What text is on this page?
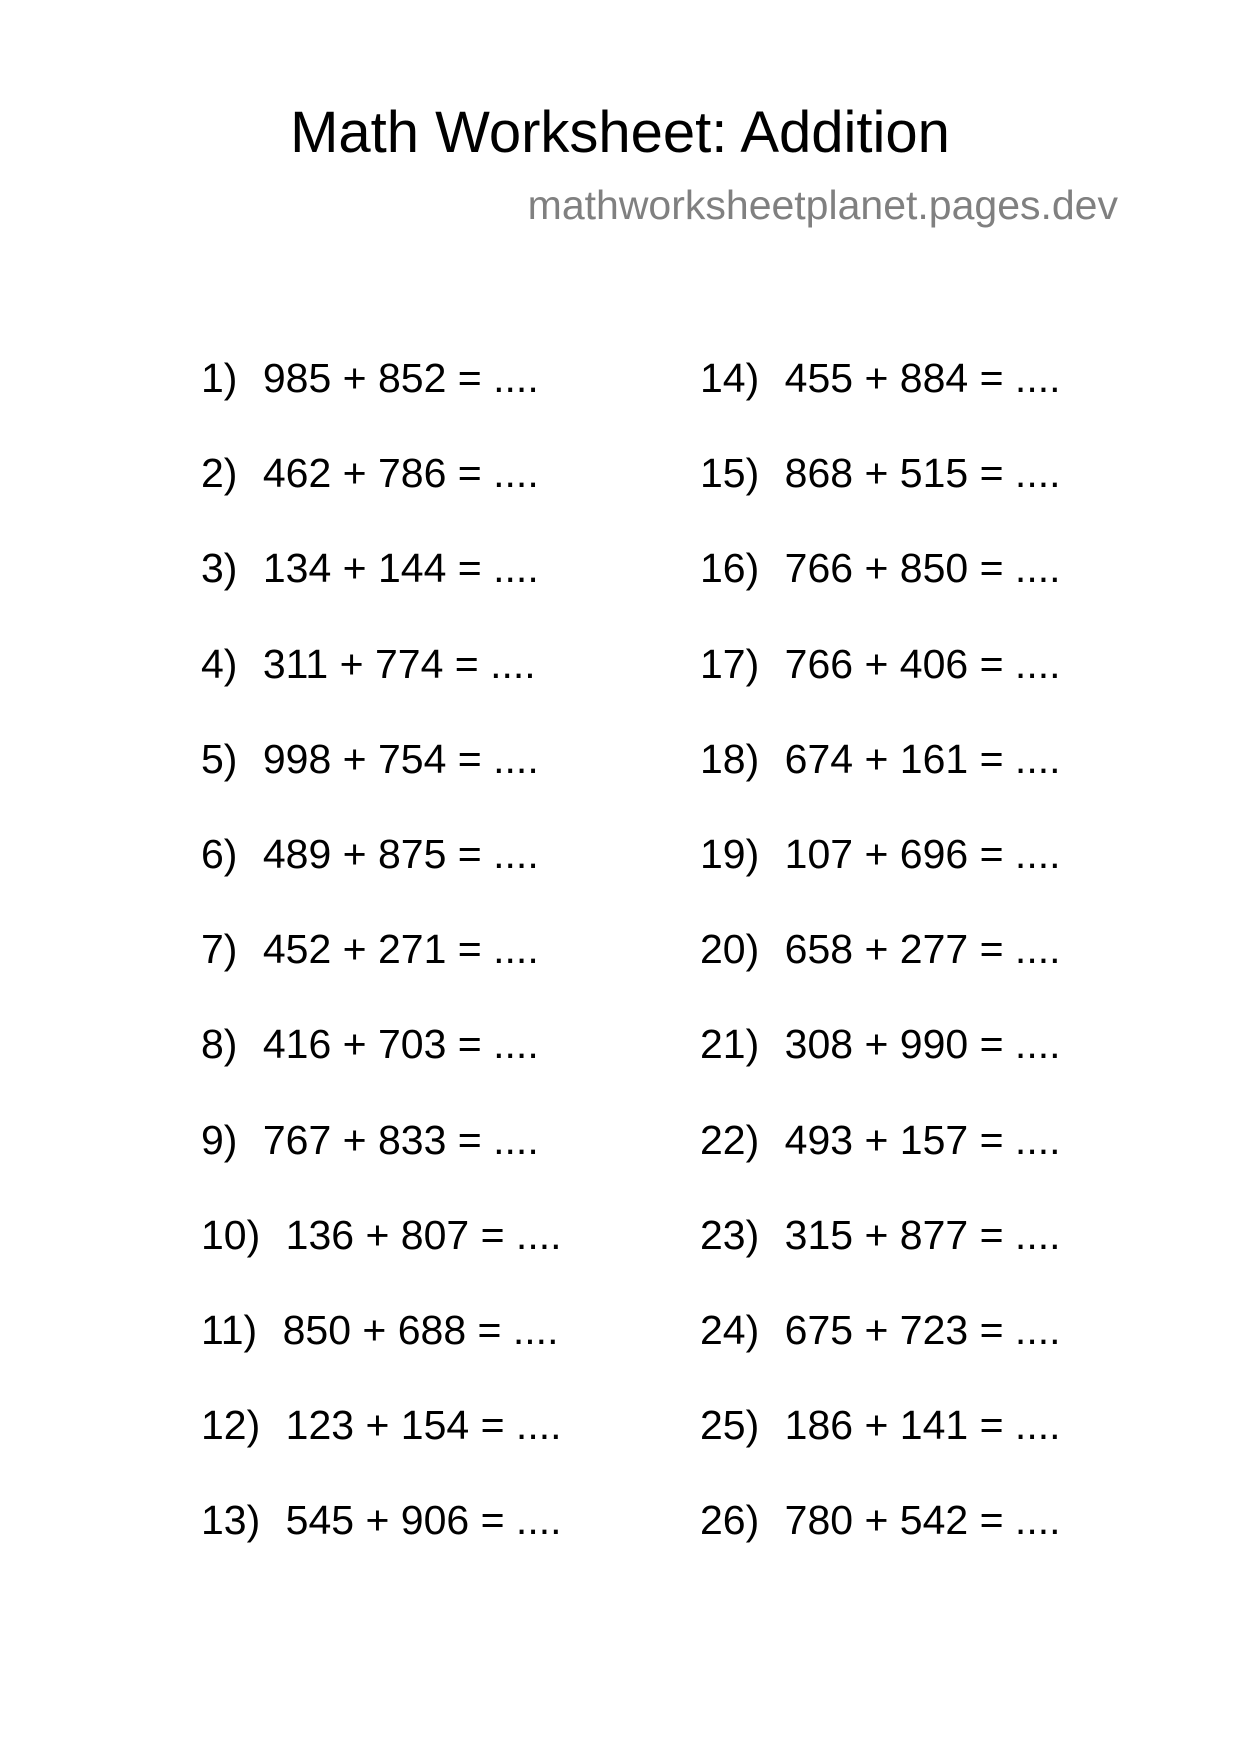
Math Worksheet: Addition
mathworksheetplanet.pages.dev
1) 985 + 852 = ....
2) 462 + 786 = ....
3) 134 + 144 = ....
4) 311 + 774 = ....
5) 998 + 754 = ....
6) 489 + 875 = ....
7) 452 + 271 = ....
8) 416 + 703 = ....
9) 767 + 833 = ....
10) 136 + 807 = ....
11) 850 + 688 = ....
12) 123 + 154 = ....
13) 545 + 906 = ....
14) 455 + 884 = ....
15) 868 + 515 = ....
16) 766 + 850 = ....
17) 766 + 406 = ....
18) 674 + 161 = ....
19) 107 + 696 = ....
20) 658 + 277 = ....
21) 308 + 990 = ....
22) 493 + 157 = ....
23) 315 + 877 = ....
24) 675 + 723 = ....
25) 186 + 141 = ....
26) 780 + 542 = ....
